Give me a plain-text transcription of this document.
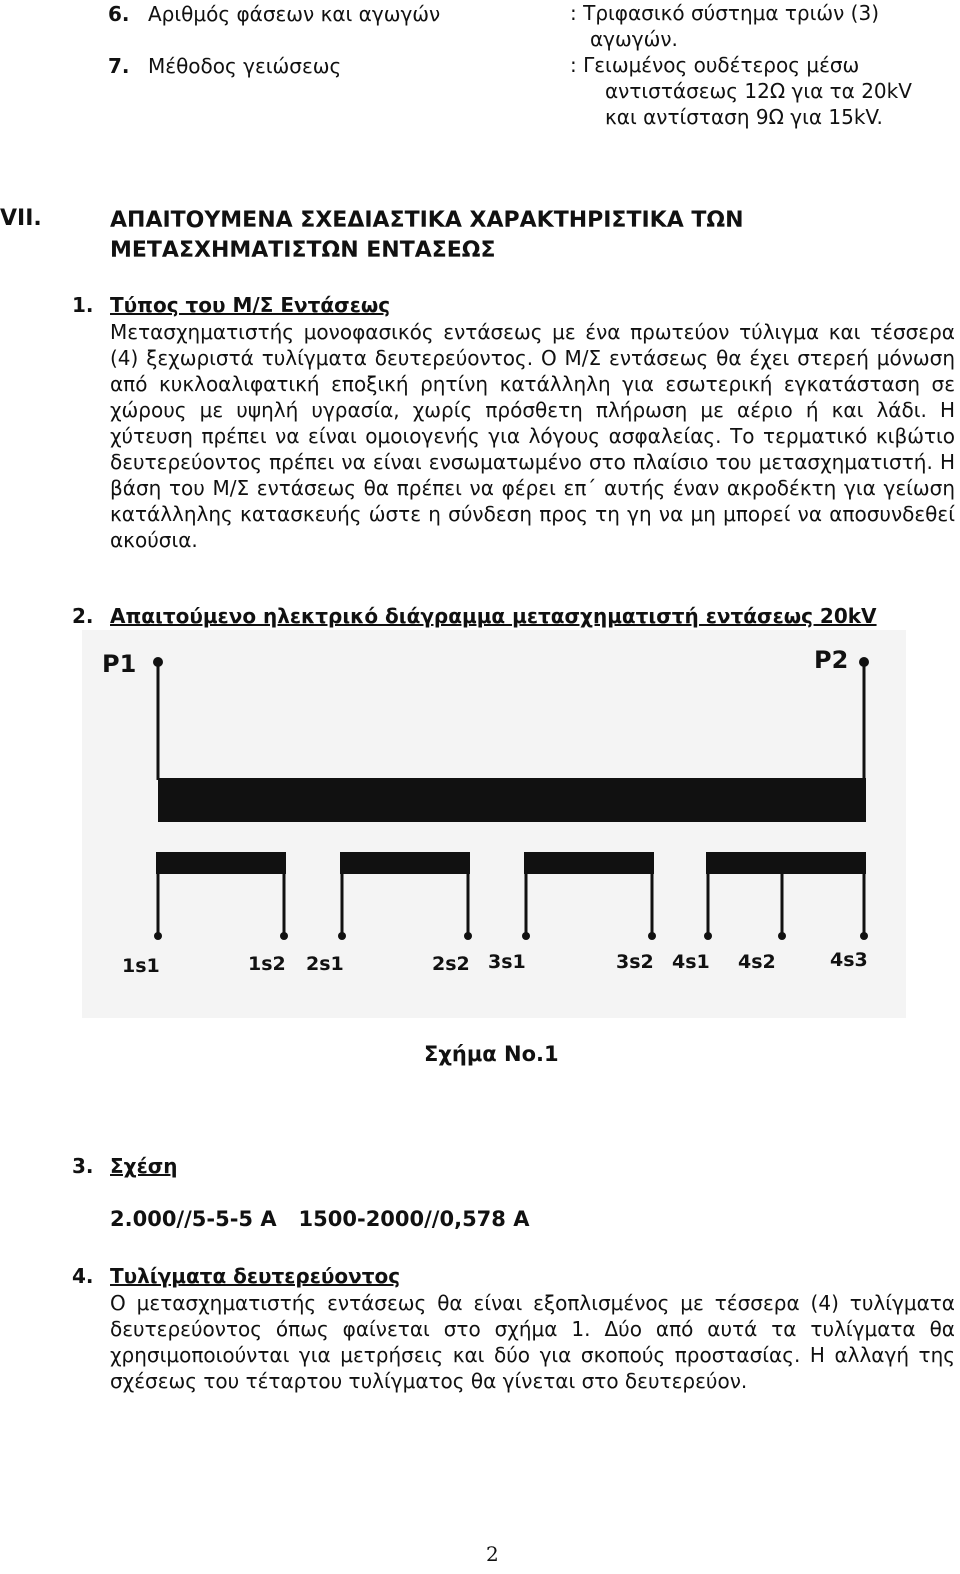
6. Αριθμός φάσεων και αγωγών	: Τριφασικό σύστημα τριών (3)
αγωγών.
7. Μέθοδος γειώσεως	: Γειωμένος ουδέτερος μέσω
αντιστάσεως 12Ω για τα 20kV
και αντίσταση 9Ω για 15kV.
VII.	ΑΠΑΙΤΟΥΜΕΝΑ ΣΧΕΔΙΑΣΤΙΚΑ ΧΑΡΑΚΤΗΡΙΣΤΙΚΑ ΤΩΝ
ΜΕΤΑΣΧΗΜΑΤΙΣΤΩΝ ΕΝΤΑΣΕΩΣ
1. Τύπος του Μ/Σ Εντάσεως
Μετασχηματιστής μονοφασικός εντάσεως με ένα πρωτεύον τύλιγμα και τέσσερα (4) ξεχωριστά τυλίγματα δευτερεύοντος. Ο Μ/Σ εντάσεως θα έχει στερεή μόνωση από κυκλοαλιφατική εποξική ρητίνη κατάλληλη για εσωτερική εγκατάσταση σε χώρους με υψηλή υγρασία, χωρίς πρόσθετη πλήρωση με αέριο ή και λάδι. Η χύτευση πρέπει να είναι ομοιογενής για λόγους ασφαλείας. Το τερματικό κιβώτιο δευτερεύοντος πρέπει να είναι ενσωματωμένο στο πλαίσιο του μετασχηματιστή. Η βάση του Μ/Σ εντάσεως θα πρέπει να φέρει επ΄ αυτής έναν ακροδέκτη για γείωση κατάλληλης κατασκευής ώστε η σύνδεση προς τη γη να μη μπορεί να αποσυνδεθεί ακούσια.
2. Απαιτούμενο ηλεκτρικό διάγραμμα μετασχηματιστή εντάσεως 20kV
P1	P2
1s1	1s2 2s1	2s2 3s1	3s2 4s1 4s2	4s3
Σχήμα No.1
3. Σχέση
2.000//5-5-5 A   1500-2000//0,578 A
4. Τυλίγματα δευτερεύοντος
Ο μετασχηματιστής εντάσεως θα είναι εξοπλισμένος με τέσσερα (4) τυλίγματα δευτερεύοντος όπως φαίνεται στο σχήμα 1. Δύο από αυτά τα τυλίγματα θα χρησιμοποιούνται για μετρήσεις και δύο για σκοπούς προστασίας. Η αλλαγή της σχέσεως του τέταρτου τυλίγματος θα γίνεται στο δευτερεύον.
2
